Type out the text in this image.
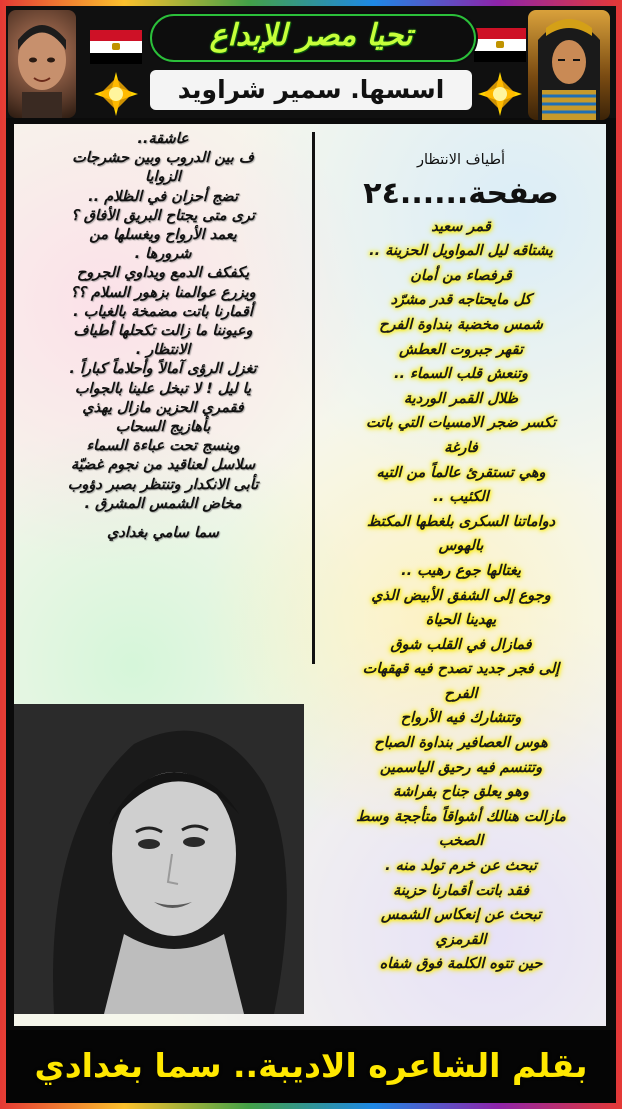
تحيا مصر للإبداع
اسسها. سمير شراويد
أطياف الانتظار
صفحة......٢٤
قمر سعيد
يشتاقه ليل المواويل الحزينة ..
قرفصاء من أمان
كل مايحتاجه قدر مشرّد
شمس مخضبة بنداوة الفرح
تقهر جبروت العطش
وتنعش قلب السماء ..
ظلال القمر الوردية
تكسر ضجر الامسيات التي باتت
فارغة
وهي تستقرئ عالماً من التيه
الكئيب ..
دواماتنا السكرى بلغطها المكتظ
بالهوس
يغتالها جوع رهيب ..
وجوع إلى الشفق الأبيض الذي
يهدينا الحياة
فمازال في القلب شوق
إلى فجر جديد تصدح فيه قهقهات
الفرح
وتتشارك فيه الأرواح
هوس العصافير بنداوة الصباح
وتتنسم فيه رحيق الياسمين
وهو يعلق جناح بفراشة
مازالت هنالك أشواقاً متأججة وسط
الصخب
تبحث عن خرم تولد منه .
فقد باتت أقمارنا حزينة
تبحث عن إنعكاس الشمس
القرمزي
حين تتوه الكلمة فوق شفاه
عاشقة..
ف بين الدروب وبين حشرجات
الزوايا
تضج أحزان في الظلام ..
ترى متى يجتاح البريق الأفاق ؟
يعمد الأرواح ويغسلها من
شرورها .
يكفكف الدمع ويداوي الجروح
ويزرع عوالمنا بزهور السلام ؟؟
أقمارنا باتت مضمخة بالغياب .
وعيوننا ما زالت تكحلها أطياف
الانتظار .
تغزل الرؤى آمالاً وأحلاماً كباراً .
يا ليل ! لا تبخل علينا بالجواب
فقمري الحزين مازال يهذي
بأهازيج السحاب
وينسج تحت عباءة السماء
سلاسل لعناقيد من نجوم غضيّة
تأبى الانكدار وتنتظر بصبر دؤوب
مخاض الشمس المشرق .
سما سامي بغدادي
بقلم الشاعره الاديبة.. سما بغدادي
